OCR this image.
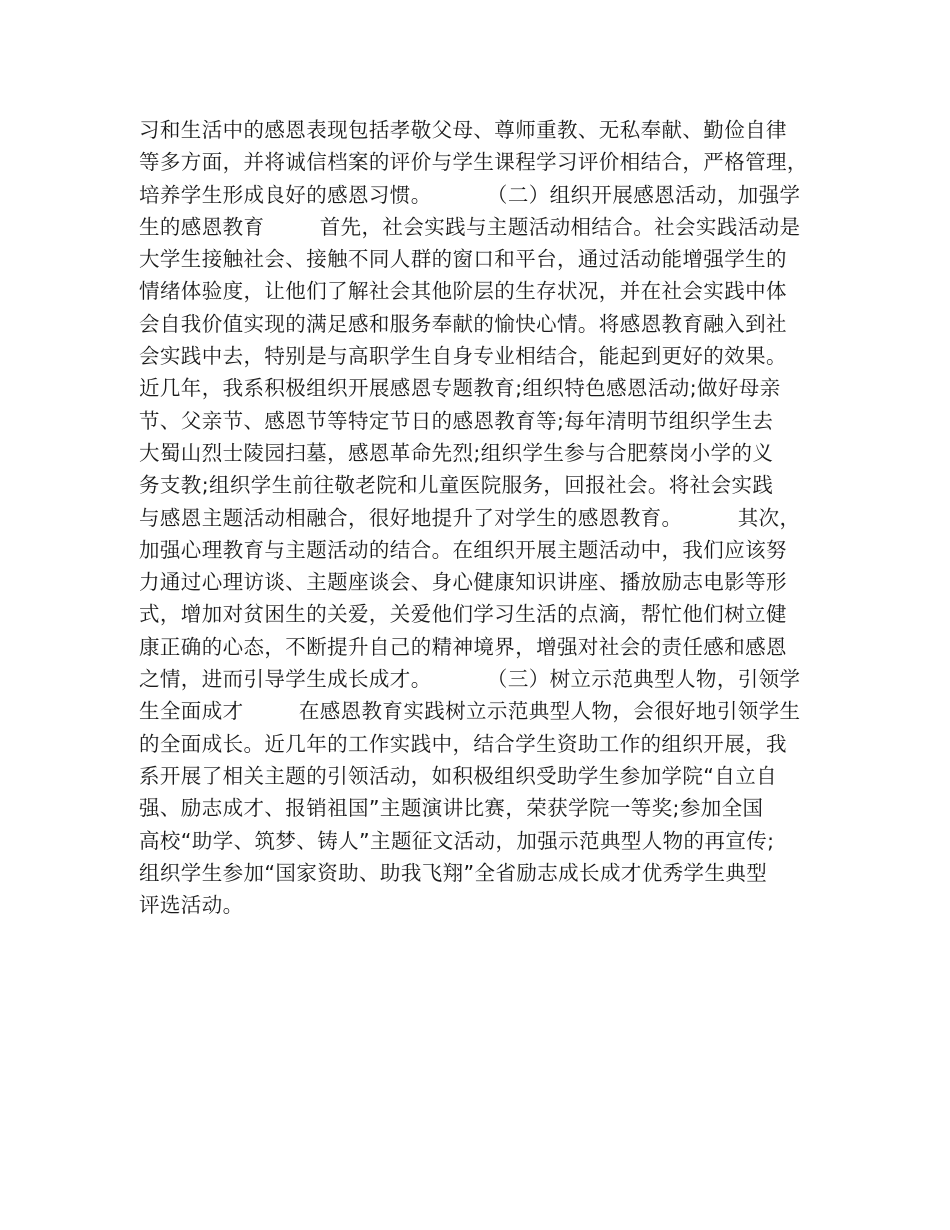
习和生活中的感恩表现包括孝敬父母、尊师重教、无私奉献、勤俭自律
等多方面，并将诚信档案的评价与学生课程学习评价相结合，严格管理，
培养学生形成良好的感恩习惯。        （二）组织开展感恩活动，加强学
生的感恩教育        首先，社会实践与主题活动相结合。社会实践活动是
大学生接触社会、接触不同人群的窗口和平台，通过活动能增强学生的
情绪体验度，让他们了解社会其他阶层的生存状况，并在社会实践中体
会自我价值实现的满足感和服务奉献的愉快心情。将感恩教育融入到社
会实践中去，特别是与高职学生自身专业相结合，能起到更好的效果。
近几年，我系积极组织开展感恩专题教育;组织特色感恩活动;做好母亲
节、父亲节、感恩节等特定节日的感恩教育等;每年清明节组织学生去
大蜀山烈士陵园扫墓，感恩革命先烈;组织学生参与合肥蔡岗小学的义
务支教;组织学生前往敬老院和儿童医院服务，回报社会。将社会实践
与感恩主题活动相融合，很好地提升了对学生的感恩教育。        其次，
加强心理教育与主题活动的结合。在组织开展主题活动中，我们应该努
力通过心理访谈、主题座谈会、身心健康知识讲座、播放励志电影等形
式，增加对贫困生的关爱，关爱他们学习生活的点滴，帮忙他们树立健
康正确的心态，不断提升自己的精神境界，增强对社会的责任感和感恩
之情，进而引导学生成长成才。        （三）树立示范典型人物，引领学
生全面成才        在感恩教育实践树立示范典型人物，会很好地引领学生
的全面成长。近几年的工作实践中，结合学生资助工作的组织开展，我
系开展了相关主题的引领活动，如积极组织受助学生参加学院“自立自
强、励志成才、报销祖国”主题演讲比赛，荣获学院一等奖;参加全国
高校“助学、筑梦、铸人”主题征文活动，加强示范典型人物的再宣传;
组织学生参加“国家资助、助我飞翔”全省励志成长成才优秀学生典型
评选活动。
